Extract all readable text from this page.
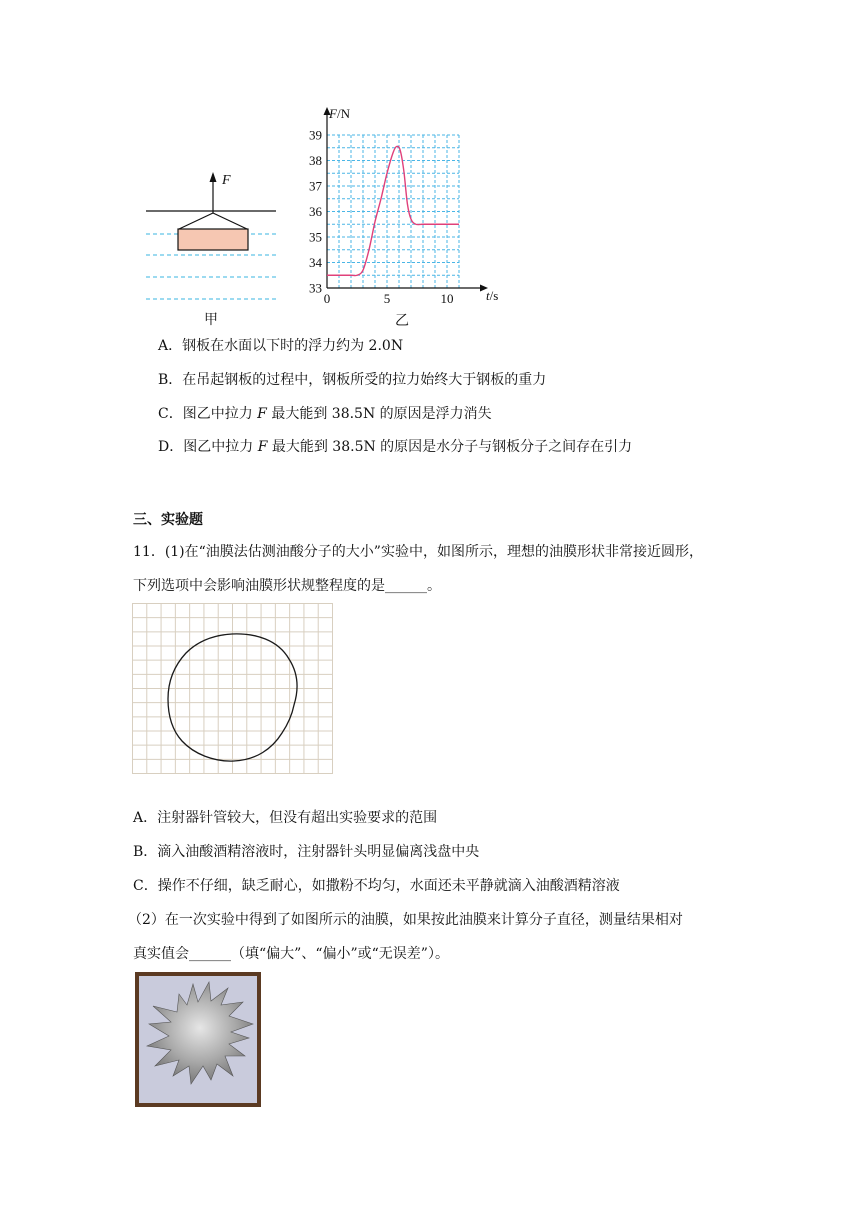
F
甲
33
34
35
36
37
38
39
0	5	10
F/N
t/s
乙
A．钢板在水面以下时的浮力约为 2.0N
B．在吊起钢板的过程中，钢板所受的拉力始终大于钢板的重力
C．图乙中拉力 F 最大能到 38.5N 的原因是浮力消失
D．图乙中拉力 F 最大能到 38.5N 的原因是水分子与钢板分子之间存在引力
三、实验题
11．(1)在“油膜法估测油酸分子的大小”实验中，如图所示，理想的油膜形状非常接近圆形，
下列选项中会影响油膜形状规整程度的是______。
A．注射器针管较大，但没有超出实验要求的范围
B．滴入油酸酒精溶液时，注射器针头明显偏离浅盘中央
C．操作不仔细，缺乏耐心，如撒粉不均匀，水面还未平静就滴入油酸酒精溶液
（2）在一次实验中得到了如图所示的油膜，如果按此油膜来计算分子直径，测量结果相对
真实值会______（填“偏大”、“偏小”或“无误差”）。
